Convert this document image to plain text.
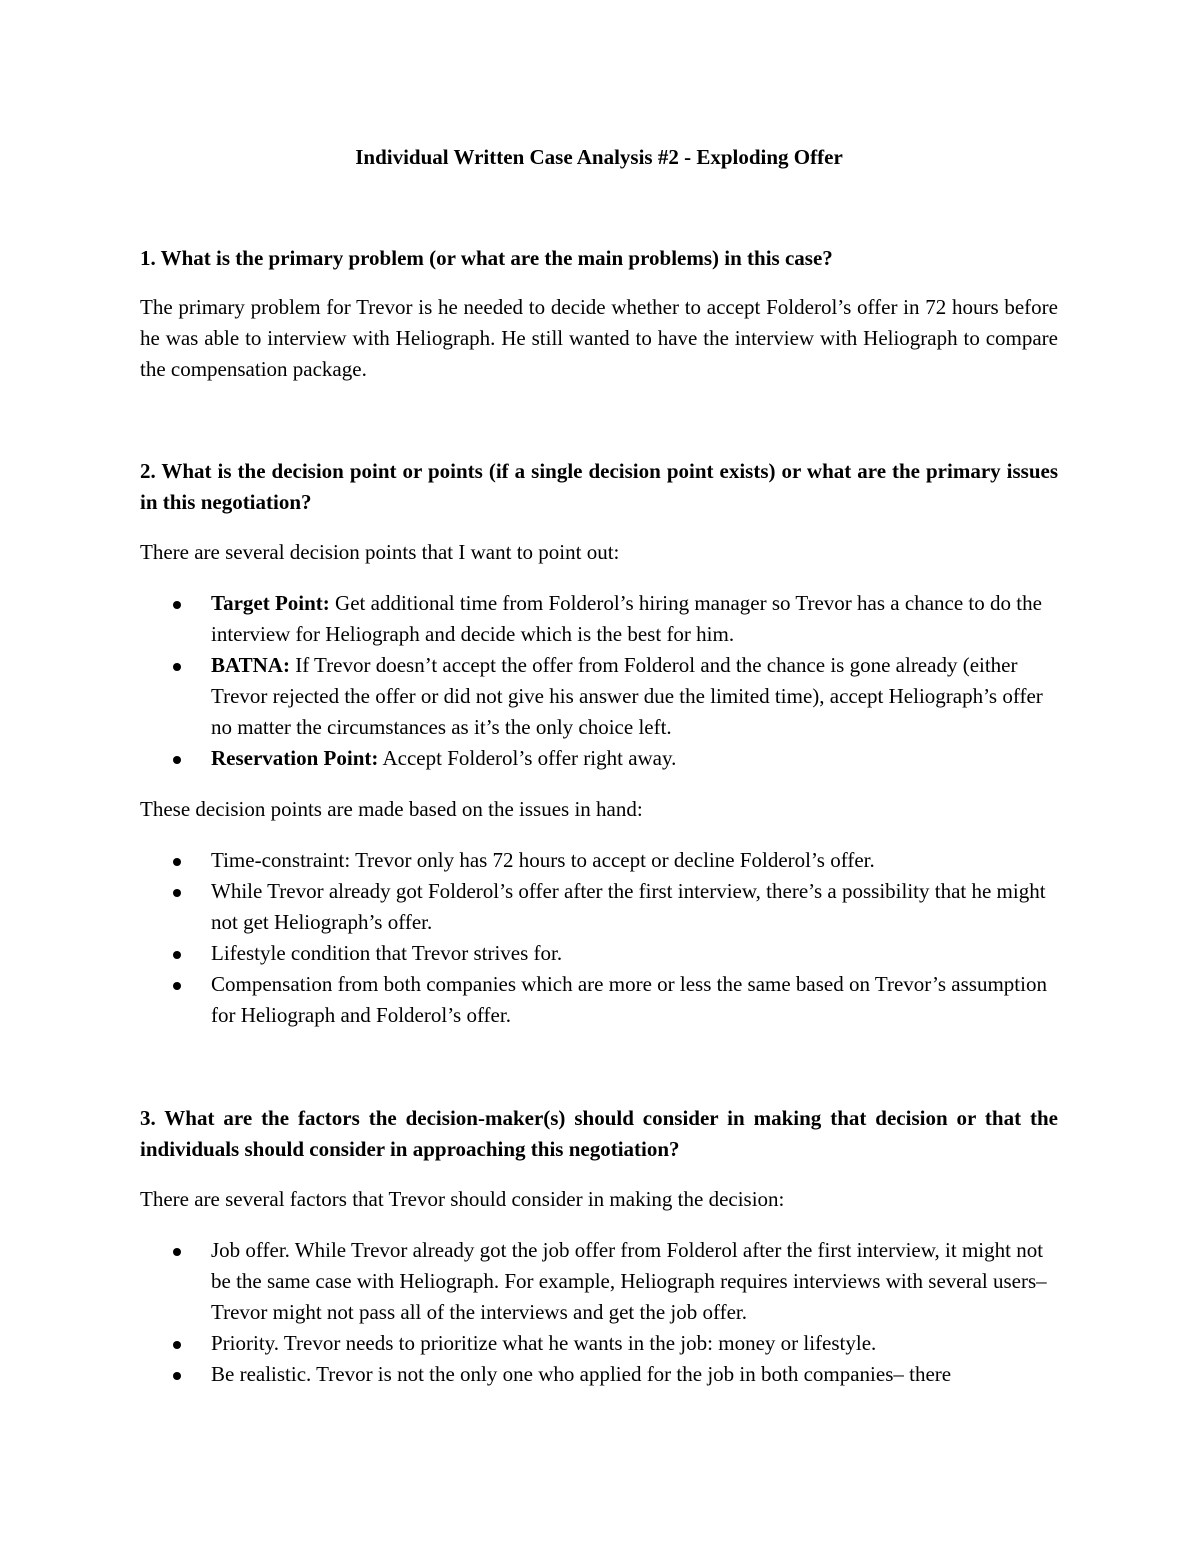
Individual Written Case Analysis #2 - Exploding Offer

1. What is the primary problem (or what are the main problems) in this case?

The primary problem for Trevor is he needed to decide whether to accept Folderol’s offer in 72 hours before he was able to interview with Heliograph. He still wanted to have the interview with Heliograph to compare the compensation package.

2. What is the decision point or points (if a single decision point exists) or what are the primary issues in this negotiation?

There are several decision points that I want to point out:

Target Point: Get additional time from Folderol’s hiring manager so Trevor has a chance to do the interview for Heliograph and decide which is the best for him.
BATNA: If Trevor doesn’t accept the offer from Folderol and the chance is gone already (either Trevor rejected the offer or did not give his answer due the limited time), accept Heliograph’s offer no matter the circumstances as it’s the only choice left.
Reservation Point: Accept Folderol’s offer right away.

These decision points are made based on the issues in hand:

Time-constraint: Trevor only has 72 hours to accept or decline Folderol’s offer.
While Trevor already got Folderol’s offer after the first interview, there’s a possibility that he might not get Heliograph’s offer.
Lifestyle condition that Trevor strives for.
Compensation from both companies which are more or less the same based on Trevor’s assumption for Heliograph and Folderol’s offer.

3. What are the factors the decision-maker(s) should consider in making that decision or that the individuals should consider in approaching this negotiation?

There are several factors that Trevor should consider in making the decision:

Job offer. While Trevor already got the job offer from Folderol after the first interview, it might not be the same case with Heliograph. For example, Heliograph requires interviews with several users– Trevor might not pass all of the interviews and get the job offer.
Priority. Trevor needs to prioritize what he wants in the job: money or lifestyle.
Be realistic. Trevor is not the only one who applied for the job in both companies– there
